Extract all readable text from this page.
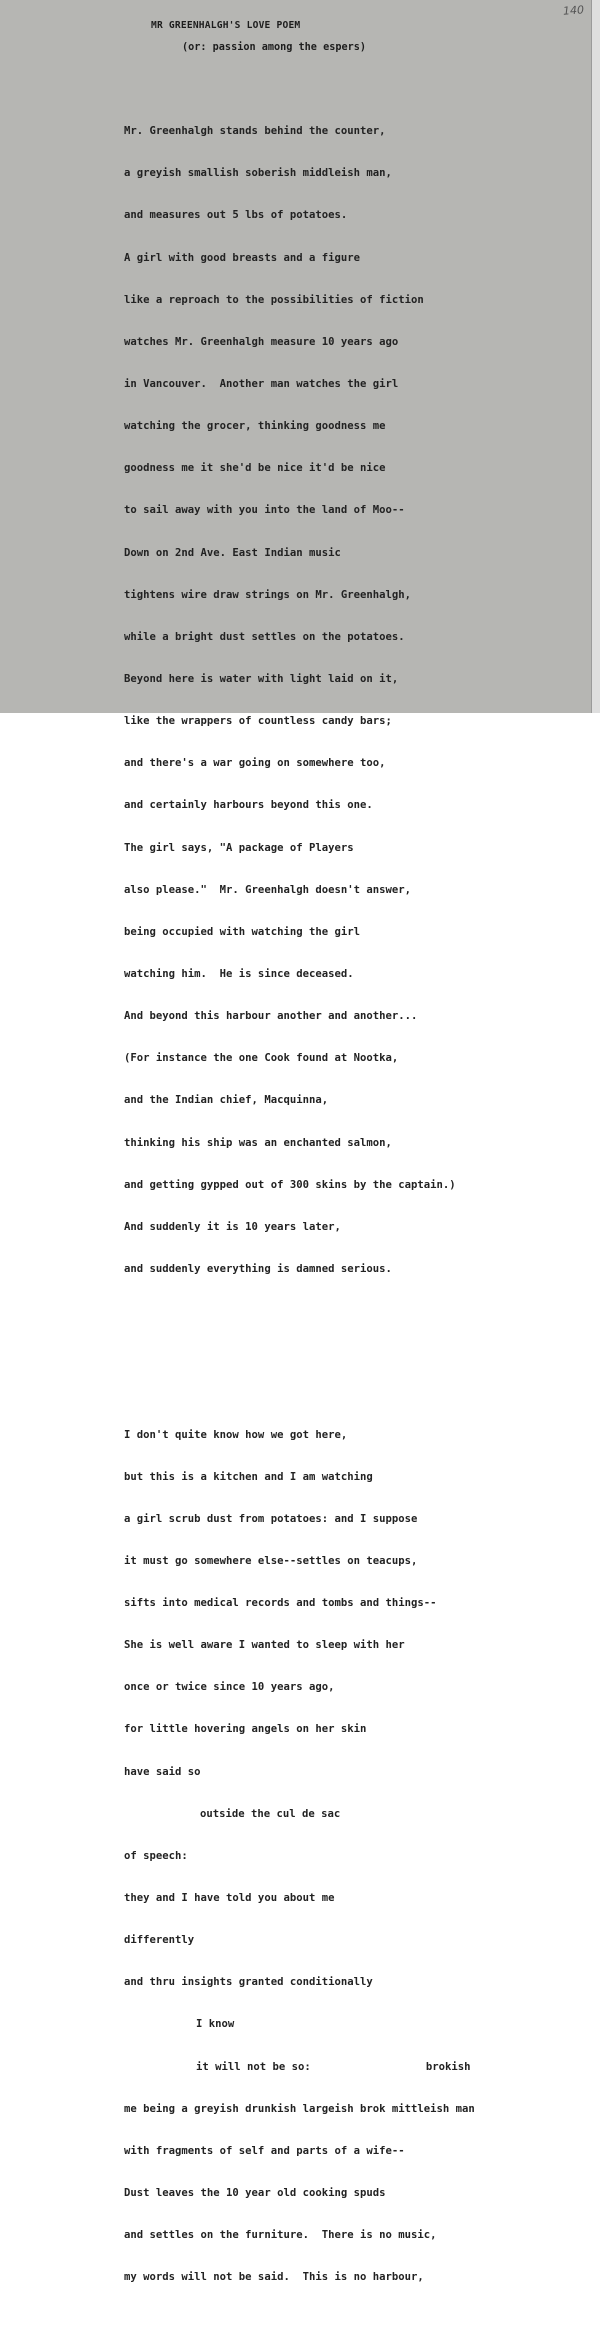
140
MR GREENHALGH'S LOVE POEM
(or: passion among the espers)

Mr. Greenhalgh stands behind the counter,

a greyish smallish soberish middleish man,

and measures out 5 lbs of potatoes.

A girl with good breasts and a figure

like a reproach to the possibilities of fiction

watches Mr. Greenhalgh measure 10 years ago

in Vancouver.  Another man watches the girl

watching the grocer, thinking goodness me

goodness me it she'd be nice it'd be nice

to sail away with you into the land of Moo--

Down on 2nd Ave. East Indian music

tightens wire draw strings on Mr. Greenhalgh,

while a bright dust settles on the potatoes.

Beyond here is water with light laid on it,

like the wrappers of countless candy bars;

and there's a war going on somewhere too,

and certainly harbours beyond this one.

The girl says, "A package of Players

also please."  Mr. Greenhalgh doesn't answer,

being occupied with watching the girl

watching him.  He is since deceased.

And beyond this harbour another and another...

(For instance the one Cook found at Nootka,

and the Indian chief, Macquinna,

thinking his ship was an enchanted salmon,

and getting gypped out of 300 skins by the captain.)

And suddenly it is 10 years later,

and suddenly everything is damned serious.

I don't quite know how we got here,

but this is a kitchen and I am watching

a girl scrub dust from potatoes: and I suppose

it must go somewhere else--settles on teacups,

sifts into medical records and tombs and things--

She is well aware I wanted to sleep with her

once or twice since 10 years ago,

for little hovering angels on her skin

have said so

outside the cul de sac

of speech:

they and I have told you about me

differently

and thru insights granted conditionally

I know

it will not be so:	brokish

me being a greyish drunkish largeish brok mittleish man

with fragments of self and parts of a wife--

Dust leaves the 10 year old cooking spuds

and settles on the furniture.  There is no music,

my words will not be said.  This is no harbour,
